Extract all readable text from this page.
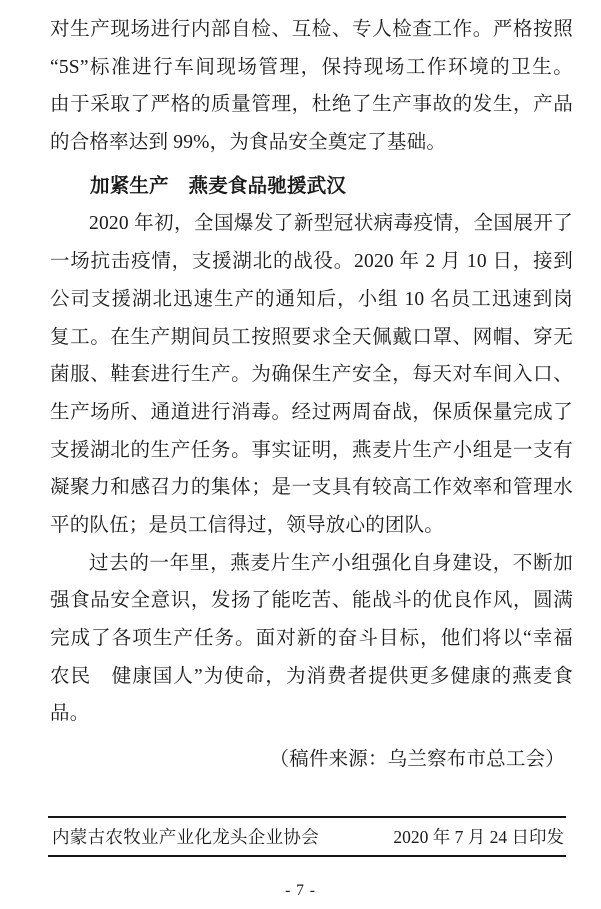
对生产现场进行内部自检、互检、专人检查工作。严格按照
“5S”标准进行车间现场管理，保持现场工作环境的卫生。
由于采取了严格的质量管理，杜绝了生产事故的发生，产品
的合格率达到 99%，为食品安全奠定了基础。
加紧生产　燕麦食品驰援武汉
2020 年初，全国爆发了新型冠状病毒疫情，全国展开了
一场抗击疫情，支援湖北的战役。2020 年 2 月 10 日，接到
公司支援湖北迅速生产的通知后，小组 10 名员工迅速到岗
复工。在生产期间员工按照要求全天佩戴口罩、网帽、穿无
菌服、鞋套进行生产。为确保生产安全，每天对车间入口、
生产场所、通道进行消毒。经过两周奋战，保质保量完成了
支援湖北的生产任务。事实证明，燕麦片生产小组是一支有
凝聚力和感召力的集体；是一支具有较高工作效率和管理水
平的队伍；是员工信得过，领导放心的团队。
过去的一年里，燕麦片生产小组强化自身建设，不断加
强食品安全意识，发扬了能吃苦、能战斗的优良作风，圆满
完成了各项生产任务。面对新的奋斗目标，他们将以“幸福
农民　健康国人”为使命，为消费者提供更多健康的燕麦食
品。
（稿件来源：乌兰察布市总工会）
内蒙古农牧业产业化龙头企业协会	2020 年 7 月 24 日印发
- 7 -
